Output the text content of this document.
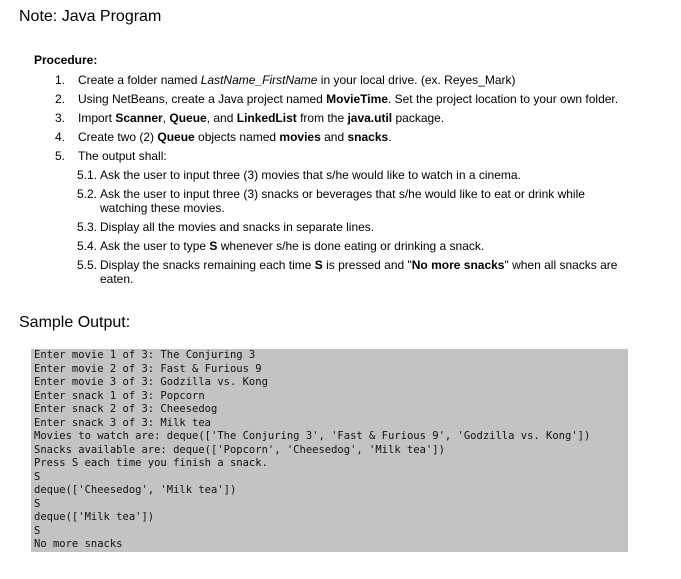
Note: Java Program
Procedure:
1. Create a folder named LastName_FirstName in your local drive. (ex. Reyes_Mark)
2. Using NetBeans, create a Java project named MovieTime. Set the project location to your own folder.
3. Import Scanner, Queue, and LinkedList from the java.util package.
4. Create two (2) Queue objects named movies and snacks.
5. The output shall:
5.1. Ask the user to input three (3) movies that s/he would like to watch in a cinema.
5.2. Ask the user to input three (3) snacks or beverages that s/he would like to eat or drink while watching these movies.
5.3. Display all the movies and snacks in separate lines.
5.4. Ask the user to type S whenever s/he is done eating or drinking a snack.
5.5. Display the snacks remaining each time S is pressed and "No more snacks" when all snacks are eaten.
Sample Output:
Enter movie 1 of 3: The Conjuring 3
Enter movie 2 of 3: Fast & Furious 9
Enter movie 3 of 3: Godzilla vs. Kong
Enter snack 1 of 3: Popcorn
Enter snack 2 of 3: Cheesedog
Enter snack 3 of 3: Milk tea
Movies to watch are: deque(['The Conjuring 3', 'Fast & Furious 9', 'Godzilla vs. Kong'])
Snacks available are: deque(['Popcorn', 'Cheesedog', 'Milk tea'])
Press S each time you finish a snack.
S
deque(['Cheesedog', 'Milk tea'])
S
deque(['Milk tea'])
S
No more snacks
